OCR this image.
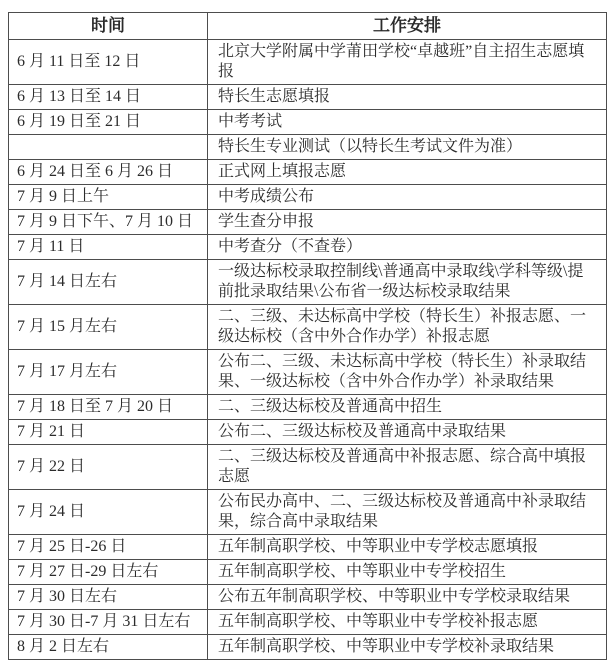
时间	工作安排
6 月 11 日至 12 日	北京大学附属中学莆田学校“卓越班”自主招生志愿填报
6 月 13 日至 14 日	特长生志愿填报
6 月 19 日至 21 日	中考考试
	特长生专业测试（以特长生考试文件为准）
6 月 24 日至 6 月 26 日	正式网上填报志愿
7 月 9 日上午	中考成绩公布
7 月 9 日下午、7 月 10 日	学生查分申报
7 月 11 日	中考查分（不查卷）
7 月 14 日左右	一级达标校录取控制线\普通高中录取线\学科等级\提前批录取结果\公布省一级达标校录取结果
7 月 15 月左右	二、三级、未达标高中学校（特长生）补报志愿、一级达标校（含中外合作办学）补报志愿
7 月 17 月左右	公布二、三级、未达标高中学校（特长生）补录取结果、一级达标校（含中外合作办学）补录取结果
7 月 18 日至 7 月 20 日	二、三级达标校及普通高中招生
7 月 21 日	公布二、三级达标校及普通高中录取结果
7 月 22 日	二、三级达标校及普通高中补报志愿、综合高中填报志愿
7 月 24 日	公布民办高中、二、三级达标校及普通高中补录取结果，综合高中录取结果
7 月 25 日-26 日	五年制高职学校、中等职业中专学校志愿填报
7 月 27 日-29 日左右	五年制高职学校、中等职业中专学校招生
7 月 30 日左右	公布五年制高职学校、中等职业中专学校录取结果
7 月 30 日-7 月 31 日左右	五年制高职学校、中等职业中专学校补报志愿
8 月 2 日左右	五年制高职学校、中等职业中专学校补录取结果
